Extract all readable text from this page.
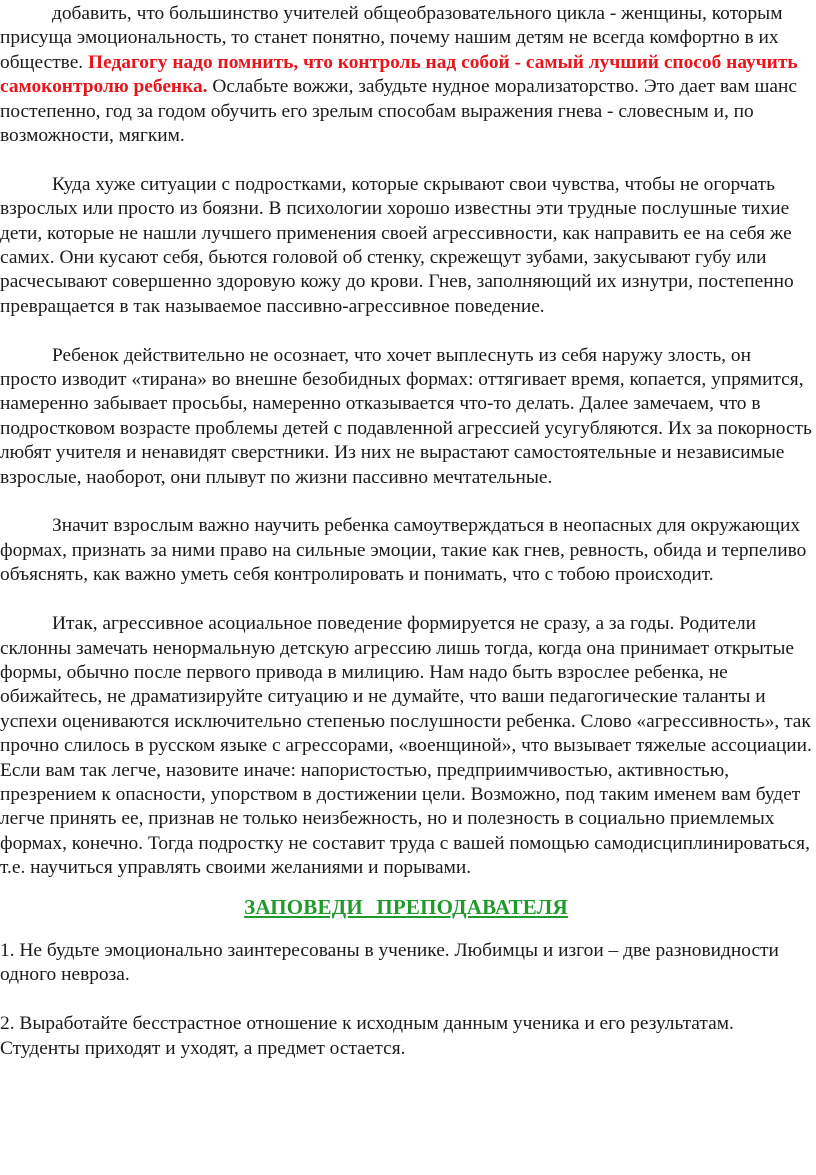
добавить, что большинство учителей общеобразовательного цикла - женщины, которым присуща эмоциональность, то станет понятно, почему нашим детям не всегда комфортно в их обществе. Педагогу надо помнить, что контроль над собой - самый лучший способ научить самоконтролю ребенка. Ослабьте вожжи, забудьте нудное морализаторство. Это дает вам шанс постепенно, год за годом обучить его зрелым способам выражения гнева - словесным и, по возможности, мягким.

Куда хуже ситуации с подростками, которые скрывают свои чувства, чтобы не огорчать взрослых или просто из боязни. В психологии хорошо известны эти трудные послушные тихие дети, которые не нашли лучшего применения своей агрессивности, как направить ее на себя же самих. Они кусают себя, бьются головой об стенку, скрежещут зубами, закусывают губу или расчесывают совершенно здоровую кожу до крови. Гнев, заполняющий их изнутри, постепенно превращается в так называемое пассивно-агрессивное поведение.

Ребенок действительно не осознает, что хочет выплеснуть из себя наружу злость, он просто изводит «тирана» во внешне безобидных формах: оттягивает время, копается, упрямится, намеренно забывает просьбы, намеренно отказывается что-то делать. Далее замечаем, что в подростковом возрасте проблемы детей с подавленной агрессией усугубляются. Их за покорность любят учителя и ненавидят сверстники. Из них не вырастают самостоятельные и независимые взрослые, наоборот, они плывут по жизни пассивно мечтательные.

Значит взрослым важно научить ребенка самоутверждаться в неопасных для окружающих формах, признать за ними право на сильные эмоции, такие как гнев, ревность, обида и терпеливо объяснять, как важно уметь себя контролировать и понимать, что с тобою происходит.

Итак, агрессивное асоциальное поведение формируется не сразу, а за годы. Родители склонны замечать ненормальную детскую агрессию лишь тогда, когда она принимает открытые формы, обычно после первого привода в милицию. Нам надо быть взрослее ребенка, не обижайтесь, не драматизируйте ситуацию и не думайте, что ваши педагогические таланты и успехи оцениваются исключительно степенью послушности ребенка. Слово «агрессивность», так прочно слилось в русском языке с агрессорами, «военщиной», что вызывает тяжелые ассоциации. Если вам так легче, назовите иначе: напористостью, предприимчивостью, активностью, презрением к опасности, упорством в достижении цели. Возможно, под таким именем вам будет легче принять ее, признав не только неизбежность, но и полезность в социально приемлемых формах, конечно. Тогда подростку не составит труда с вашей помощью самодисциплинироваться, т.е. научиться управлять своими желаниями и порывами.

ЗАПОВЕДИ ПРЕПОДАВАТЕЛЯ

1. Не будьте эмоционально заинтересованы в ученике. Любимцы и изгои – две разновидности одного невроза.

2. Выработайте бесстрастное отношение к исходным данным ученика и его результатам. Студенты приходят и уходят, а предмет остается.
